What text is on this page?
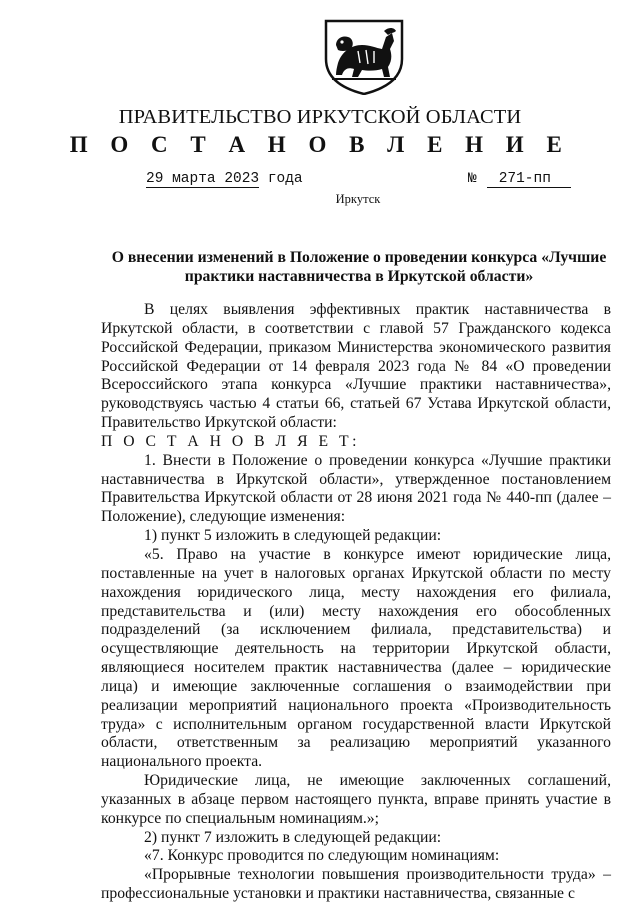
ПРАВИТЕЛЬСТВО ИРКУТСКОЙ ОБЛАСТИ
П О С Т А Н О В Л Е Н И Е
29 марта 2023 года	№ 271-пп
Иркутск
О внесении изменений в Положение о проведении конкурса «Лучшие практики наставничества в Иркутской области»

В целях выявления эффективных практик наставничества в Иркутской области, в соответствии с главой 57 Гражданского кодекса Российской Федерации, приказом Министерства экономического развития Российской Федерации от 14 февраля 2023 года № 84 «О проведении Всероссийского этапа конкурса «Лучшие практики наставничества», руководствуясь частью 4 статьи 66, статьей 67 Устава Иркутской области, Правительство Иркутской области:

П О С Т А Н О В Л Я Е Т:

1. Внести в Положение о проведении конкурса «Лучшие практики наставничества в Иркутской области», утвержденное постановлением Правительства Иркутской области от 28 июня 2021 года № 440-пп (далее – Положение), следующие изменения:

1) пункт 5 изложить в следующей редакции:

«5. Право на участие в конкурсе имеют юридические лица, поставленные на учет в налоговых органах Иркутской области по месту нахождения юридического лица, месту нахождения его филиала, представительства и (или) месту нахождения его обособленных подразделений (за исключением филиала, представительства) и осуществляющие деятельность на территории Иркутской области, являющиеся носителем практик наставничества (далее – юридические лица) и имеющие заключенные соглашения о взаимодействии при реализации мероприятий национального проекта «Производительность труда» с исполнительным органом государственной власти Иркутской области, ответственным за реализацию мероприятий указанного национального проекта.

Юридические лица, не имеющие заключенных соглашений, указанных в абзаце первом настоящего пункта, вправе принять участие в конкурсе по специальным номинациям.»;

2) пункт 7 изложить в следующей редакции:

«7. Конкурс проводится по следующим номинациям:

«Прорывные технологии повышения производительности труда» – профессиональные установки и практики наставничества, связанные с
